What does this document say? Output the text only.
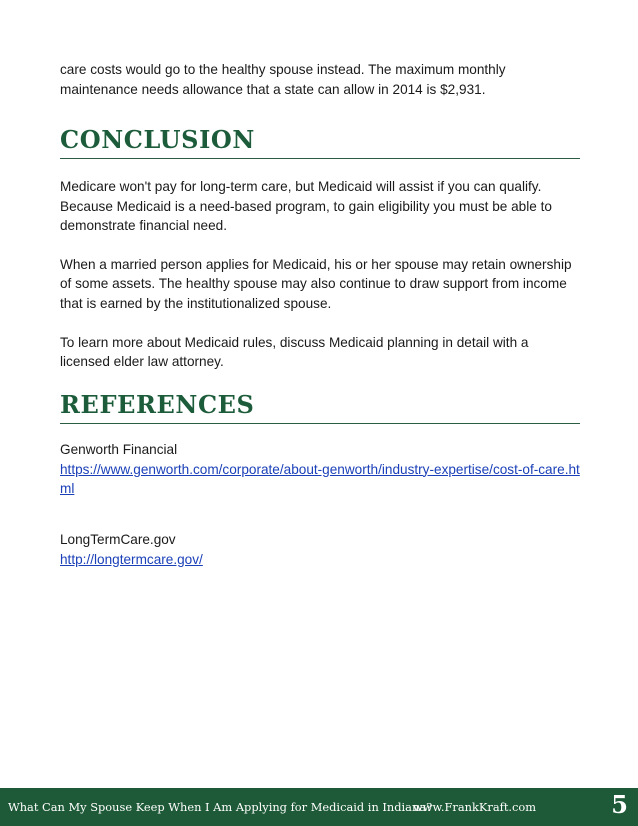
care costs would go to the healthy spouse instead. The maximum monthly maintenance needs allowance that a state can allow in 2014 is $2,931.

CONCLUSION

Medicare won't pay for long-term care, but Medicaid will assist if you can qualify. Because Medicaid is a need-based program, to gain eligibility you must be able to demonstrate financial need.

When a married person applies for Medicaid, his or her spouse may retain ownership of some assets. The healthy spouse may also continue to draw support from income that is earned by the institutionalized spouse.

To learn more about Medicaid rules, discuss Medicaid planning in detail with a licensed elder law attorney.

REFERENCES
Genworth Financial
https://www.genworth.com/corporate/about-genworth/industry-expertise/cost-of-care.html
LongTermCare.gov
http://longtermcare.gov/
What Can My Spouse Keep When I Am Applying for Medicaid in Indiana?
www.FrankKraft.com	5
